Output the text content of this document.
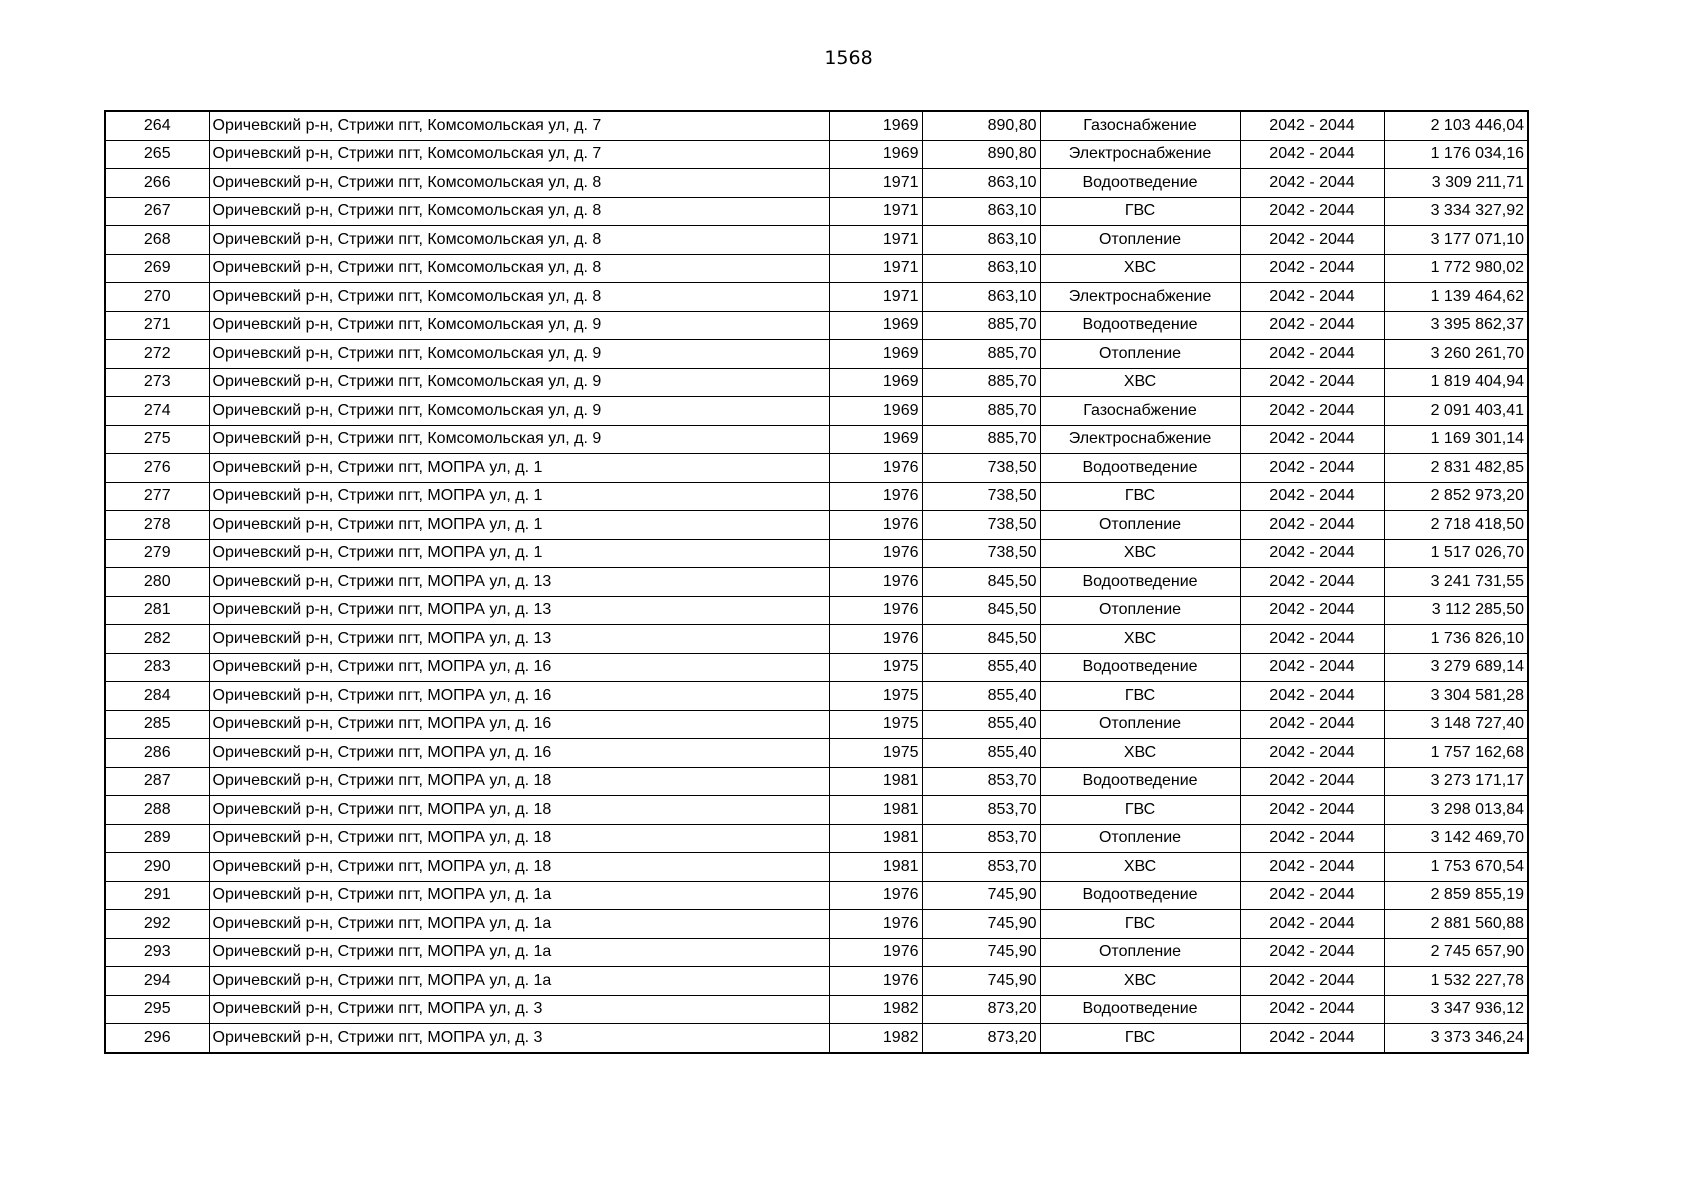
1568
264	Оричевский р-н, Стрижи пгт, Комсомольская ул, д. 7	1969	890,80	Газоснабжение	2042 - 2044	2 103 446,04
265	Оричевский р-н, Стрижи пгт, Комсомольская ул, д. 7	1969	890,80	Электроснабжение	2042 - 2044	1 176 034,16
266	Оричевский р-н, Стрижи пгт, Комсомольская ул, д. 8	1971	863,10	Водоотведение	2042 - 2044	3 309 211,71
267	Оричевский р-н, Стрижи пгт, Комсомольская ул, д. 8	1971	863,10	ГВС	2042 - 2044	3 334 327,92
268	Оричевский р-н, Стрижи пгт, Комсомольская ул, д. 8	1971	863,10	Отопление	2042 - 2044	3 177 071,10
269	Оричевский р-н, Стрижи пгт, Комсомольская ул, д. 8	1971	863,10	ХВС	2042 - 2044	1 772 980,02
270	Оричевский р-н, Стрижи пгт, Комсомольская ул, д. 8	1971	863,10	Электроснабжение	2042 - 2044	1 139 464,62
271	Оричевский р-н, Стрижи пгт, Комсомольская ул, д. 9	1969	885,70	Водоотведение	2042 - 2044	3 395 862,37
272	Оричевский р-н, Стрижи пгт, Комсомольская ул, д. 9	1969	885,70	Отопление	2042 - 2044	3 260 261,70
273	Оричевский р-н, Стрижи пгт, Комсомольская ул, д. 9	1969	885,70	ХВС	2042 - 2044	1 819 404,94
274	Оричевский р-н, Стрижи пгт, Комсомольская ул, д. 9	1969	885,70	Газоснабжение	2042 - 2044	2 091 403,41
275	Оричевский р-н, Стрижи пгт, Комсомольская ул, д. 9	1969	885,70	Электроснабжение	2042 - 2044	1 169 301,14
276	Оричевский р-н, Стрижи пгт, МОПРА ул, д. 1	1976	738,50	Водоотведение	2042 - 2044	2 831 482,85
277	Оричевский р-н, Стрижи пгт, МОПРА ул, д. 1	1976	738,50	ГВС	2042 - 2044	2 852 973,20
278	Оричевский р-н, Стрижи пгт, МОПРА ул, д. 1	1976	738,50	Отопление	2042 - 2044	2 718 418,50
279	Оричевский р-н, Стрижи пгт, МОПРА ул, д. 1	1976	738,50	ХВС	2042 - 2044	1 517 026,70
280	Оричевский р-н, Стрижи пгт, МОПРА ул, д. 13	1976	845,50	Водоотведение	2042 - 2044	3 241 731,55
281	Оричевский р-н, Стрижи пгт, МОПРА ул, д. 13	1976	845,50	Отопление	2042 - 2044	3 112 285,50
282	Оричевский р-н, Стрижи пгт, МОПРА ул, д. 13	1976	845,50	ХВС	2042 - 2044	1 736 826,10
283	Оричевский р-н, Стрижи пгт, МОПРА ул, д. 16	1975	855,40	Водоотведение	2042 - 2044	3 279 689,14
284	Оричевский р-н, Стрижи пгт, МОПРА ул, д. 16	1975	855,40	ГВС	2042 - 2044	3 304 581,28
285	Оричевский р-н, Стрижи пгт, МОПРА ул, д. 16	1975	855,40	Отопление	2042 - 2044	3 148 727,40
286	Оричевский р-н, Стрижи пгт, МОПРА ул, д. 16	1975	855,40	ХВС	2042 - 2044	1 757 162,68
287	Оричевский р-н, Стрижи пгт, МОПРА ул, д. 18	1981	853,70	Водоотведение	2042 - 2044	3 273 171,17
288	Оричевский р-н, Стрижи пгт, МОПРА ул, д. 18	1981	853,70	ГВС	2042 - 2044	3 298 013,84
289	Оричевский р-н, Стрижи пгт, МОПРА ул, д. 18	1981	853,70	Отопление	2042 - 2044	3 142 469,70
290	Оричевский р-н, Стрижи пгт, МОПРА ул, д. 18	1981	853,70	ХВС	2042 - 2044	1 753 670,54
291	Оричевский р-н, Стрижи пгт, МОПРА ул, д. 1а	1976	745,90	Водоотведение	2042 - 2044	2 859 855,19
292	Оричевский р-н, Стрижи пгт, МОПРА ул, д. 1а	1976	745,90	ГВС	2042 - 2044	2 881 560,88
293	Оричевский р-н, Стрижи пгт, МОПРА ул, д. 1а	1976	745,90	Отопление	2042 - 2044	2 745 657,90
294	Оричевский р-н, Стрижи пгт, МОПРА ул, д. 1а	1976	745,90	ХВС	2042 - 2044	1 532 227,78
295	Оричевский р-н, Стрижи пгт, МОПРА ул, д. 3	1982	873,20	Водоотведение	2042 - 2044	3 347 936,12
296	Оричевский р-н, Стрижи пгт, МОПРА ул, д. 3	1982	873,20	ГВС	2042 - 2044	3 373 346,24
